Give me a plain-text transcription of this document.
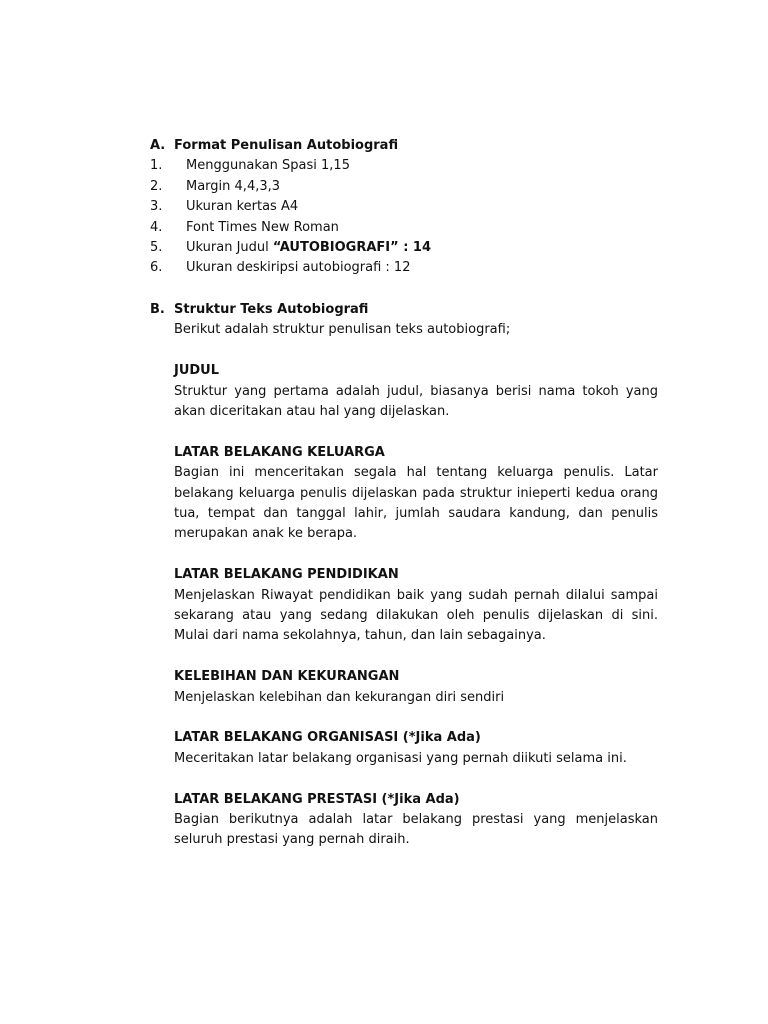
A. Format Penulisan Autobiografi
1.	Menggunakan Spasi 1,15
2.	Margin 4,4,3,3
3.	Ukuran kertas A4
4.	Font Times New Roman
5.	Ukuran Judul “AUTOBIOGRAFI” : 14
6.	Ukuran deskiripsi autobiografi : 12
B. Struktur Teks Autobiografi

Berikut adalah struktur penulisan teks autobiografi;

JUDUL

Struktur yang pertama adalah judul, biasanya berisi nama tokoh yang akan diceritakan atau hal yang dijelaskan.

LATAR BELAKANG KELUARGA

Bagian ini menceritakan segala hal tentang keluarga penulis. Latar belakang keluarga penulis dijelaskan pada struktur inieperti kedua orang tua, tempat dan tanggal lahir, jumlah saudara kandung, dan penulis merupakan anak ke berapa.

LATAR BELAKANG PENDIDIKAN

Menjelaskan Riwayat pendidikan baik yang sudah pernah dilalui sampai sekarang atau yang sedang dilakukan oleh penulis dijelaskan di sini. Mulai dari nama sekolahnya, tahun, dan lain sebagainya.

KELEBIHAN DAN KEKURANGAN

Menjelaskan kelebihan dan kekurangan diri sendiri

LATAR BELAKANG ORGANISASI (*Jika Ada)

Meceritakan latar belakang organisasi yang pernah diikuti selama ini.

LATAR BELAKANG PRESTASI (*Jika Ada)

Bagian berikutnya adalah latar belakang prestasi yang menjelaskan seluruh prestasi yang pernah diraih.
